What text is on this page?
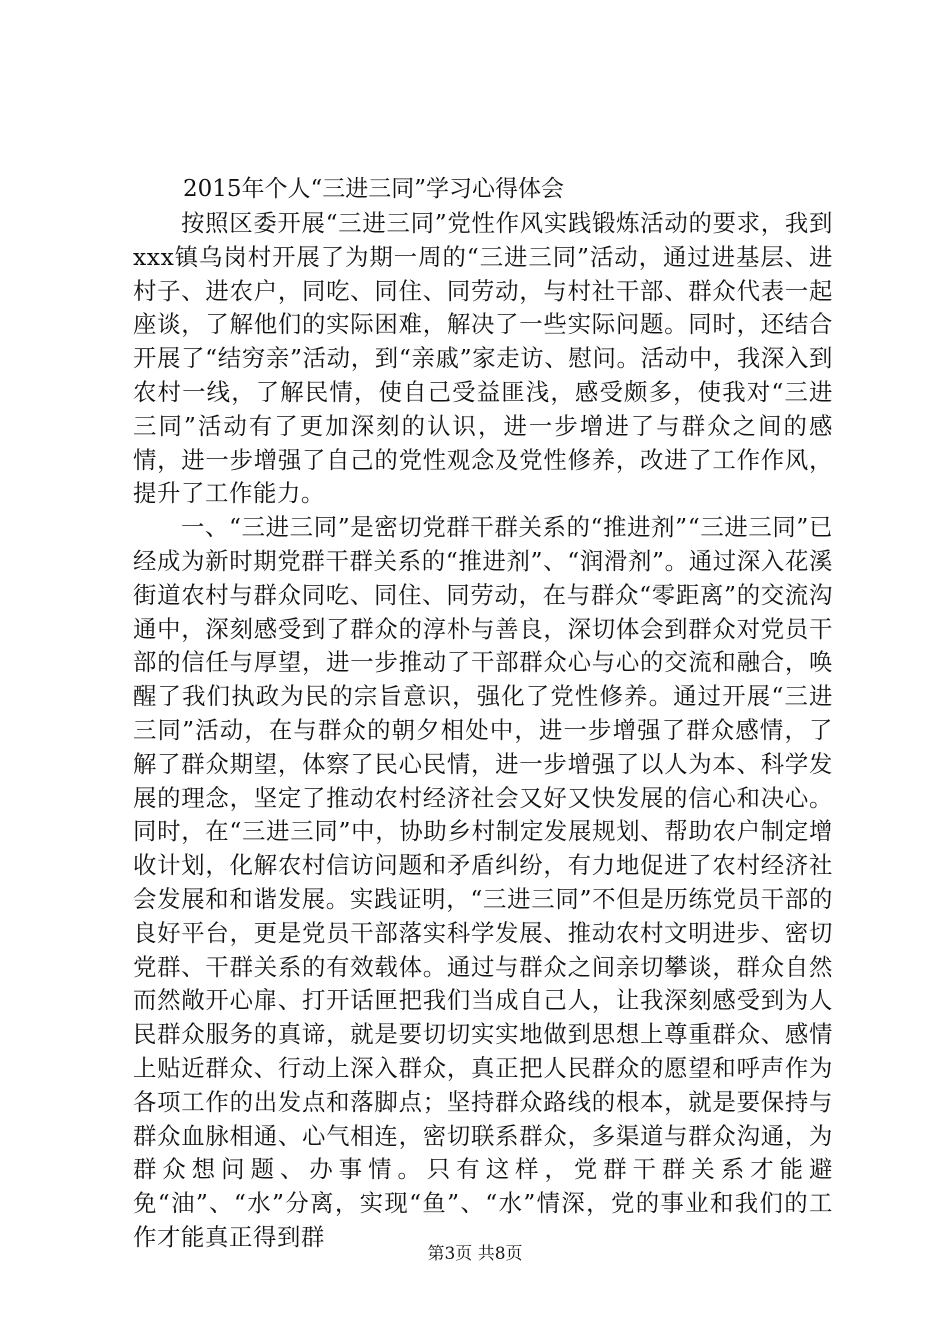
2015年个人“三进三同”学习心得体会

按照区委开展“三进三同”党性作风实践锻炼活动的要求，我到xxx镇乌岗村开展了为期一周的“三进三同”活动，通过进基层、进村子、进农户，同吃、同住、同劳动，与村社干部、群众代表一起座谈，了解他们的实际困难，解决了一些实际问题。同时，还结合开展了“结穷亲”活动，到“亲戚”家走访、慰问。活动中，我深入到农村一线，了解民情，使自己受益匪浅，感受颇多，使我对“三进三同”活动有了更加深刻的认识，进一步增进了与群众之间的感情，进一步增强了自己的党性观念及党性修养，改进了工作作风，提升了工作能力。

一、“三进三同”是密切党群干群关系的“推进剂”“三进三同”已经成为新时期党群干群关系的“推进剂”、“润滑剂”。通过深入花溪街道农村与群众同吃、同住、同劳动，在与群众“零距离”的交流沟通中，深刻感受到了群众的淳朴与善良，深切体会到群众对党员干部的信任与厚望，进一步推动了干部群众心与心的交流和融合，唤醒了我们执政为民的宗旨意识，强化了党性修养。通过开展“三进三同”活动，在与群众的朝夕相处中，进一步增强了群众感情，了解了群众期望，体察了民心民情，进一步增强了以人为本、科学发展的理念，坚定了推动农村经济社会又好又快发展的信心和决心。同时，在“三进三同”中，协助乡村制定发展规划、帮助农户制定增收计划，化解农村信访问题和矛盾纠纷，有力地促进了农村经济社会发展和和谐发展。实践证明，“三进三同”不但是历练党员干部的良好平台，更是党员干部落实科学发展、推动农村文明进步、密切党群、干群关系的有效载体。通过与群众之间亲切攀谈，群众自然而然敞开心扉、打开话匣把我们当成自己人，让我深刻感受到为人民群众服务的真谛，就是要切切实实地做到思想上尊重群众、感情上贴近群众、行动上深入群众，真正把人民群众的愿望和呼声作为各项工作的出发点和落脚点；坚持群众路线的根本，就是要保持与群众血脉相通、心气相连，密切联系群众，多渠道与群众沟通，为群众想问题、办事情。只有这样，党群干群关系才能避免“油”、“水”分离，实现“鱼”、“水”情深，党的事业和我们的工作才能真正得到群

第3页 共8页
